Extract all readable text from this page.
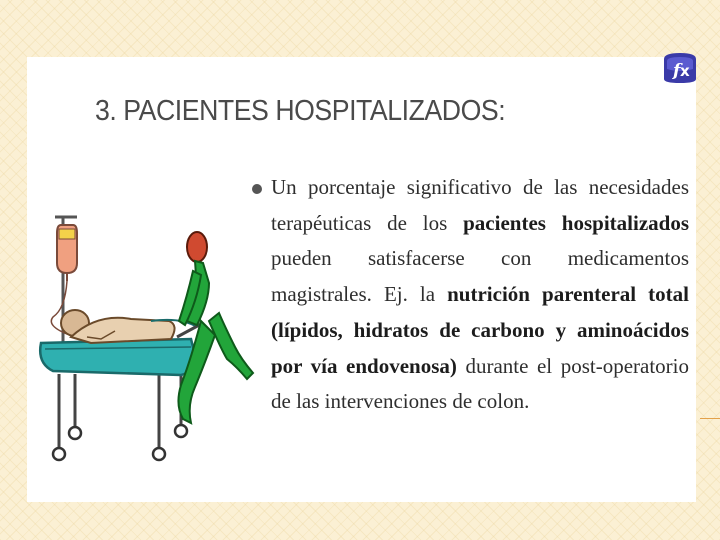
f x
3. PACIENTES HOSPITALIZADOS:

Un porcentaje significativo de las necesidades terapéuticas de los pacientes hospitalizados pueden satisfacerse con medicamentos magistrales. Ej. la nutrición parenteral total (lípidos, hidratos de carbono y aminoácidos por vía endovenosa) durante el post-operatorio de las intervenciones de colon.
